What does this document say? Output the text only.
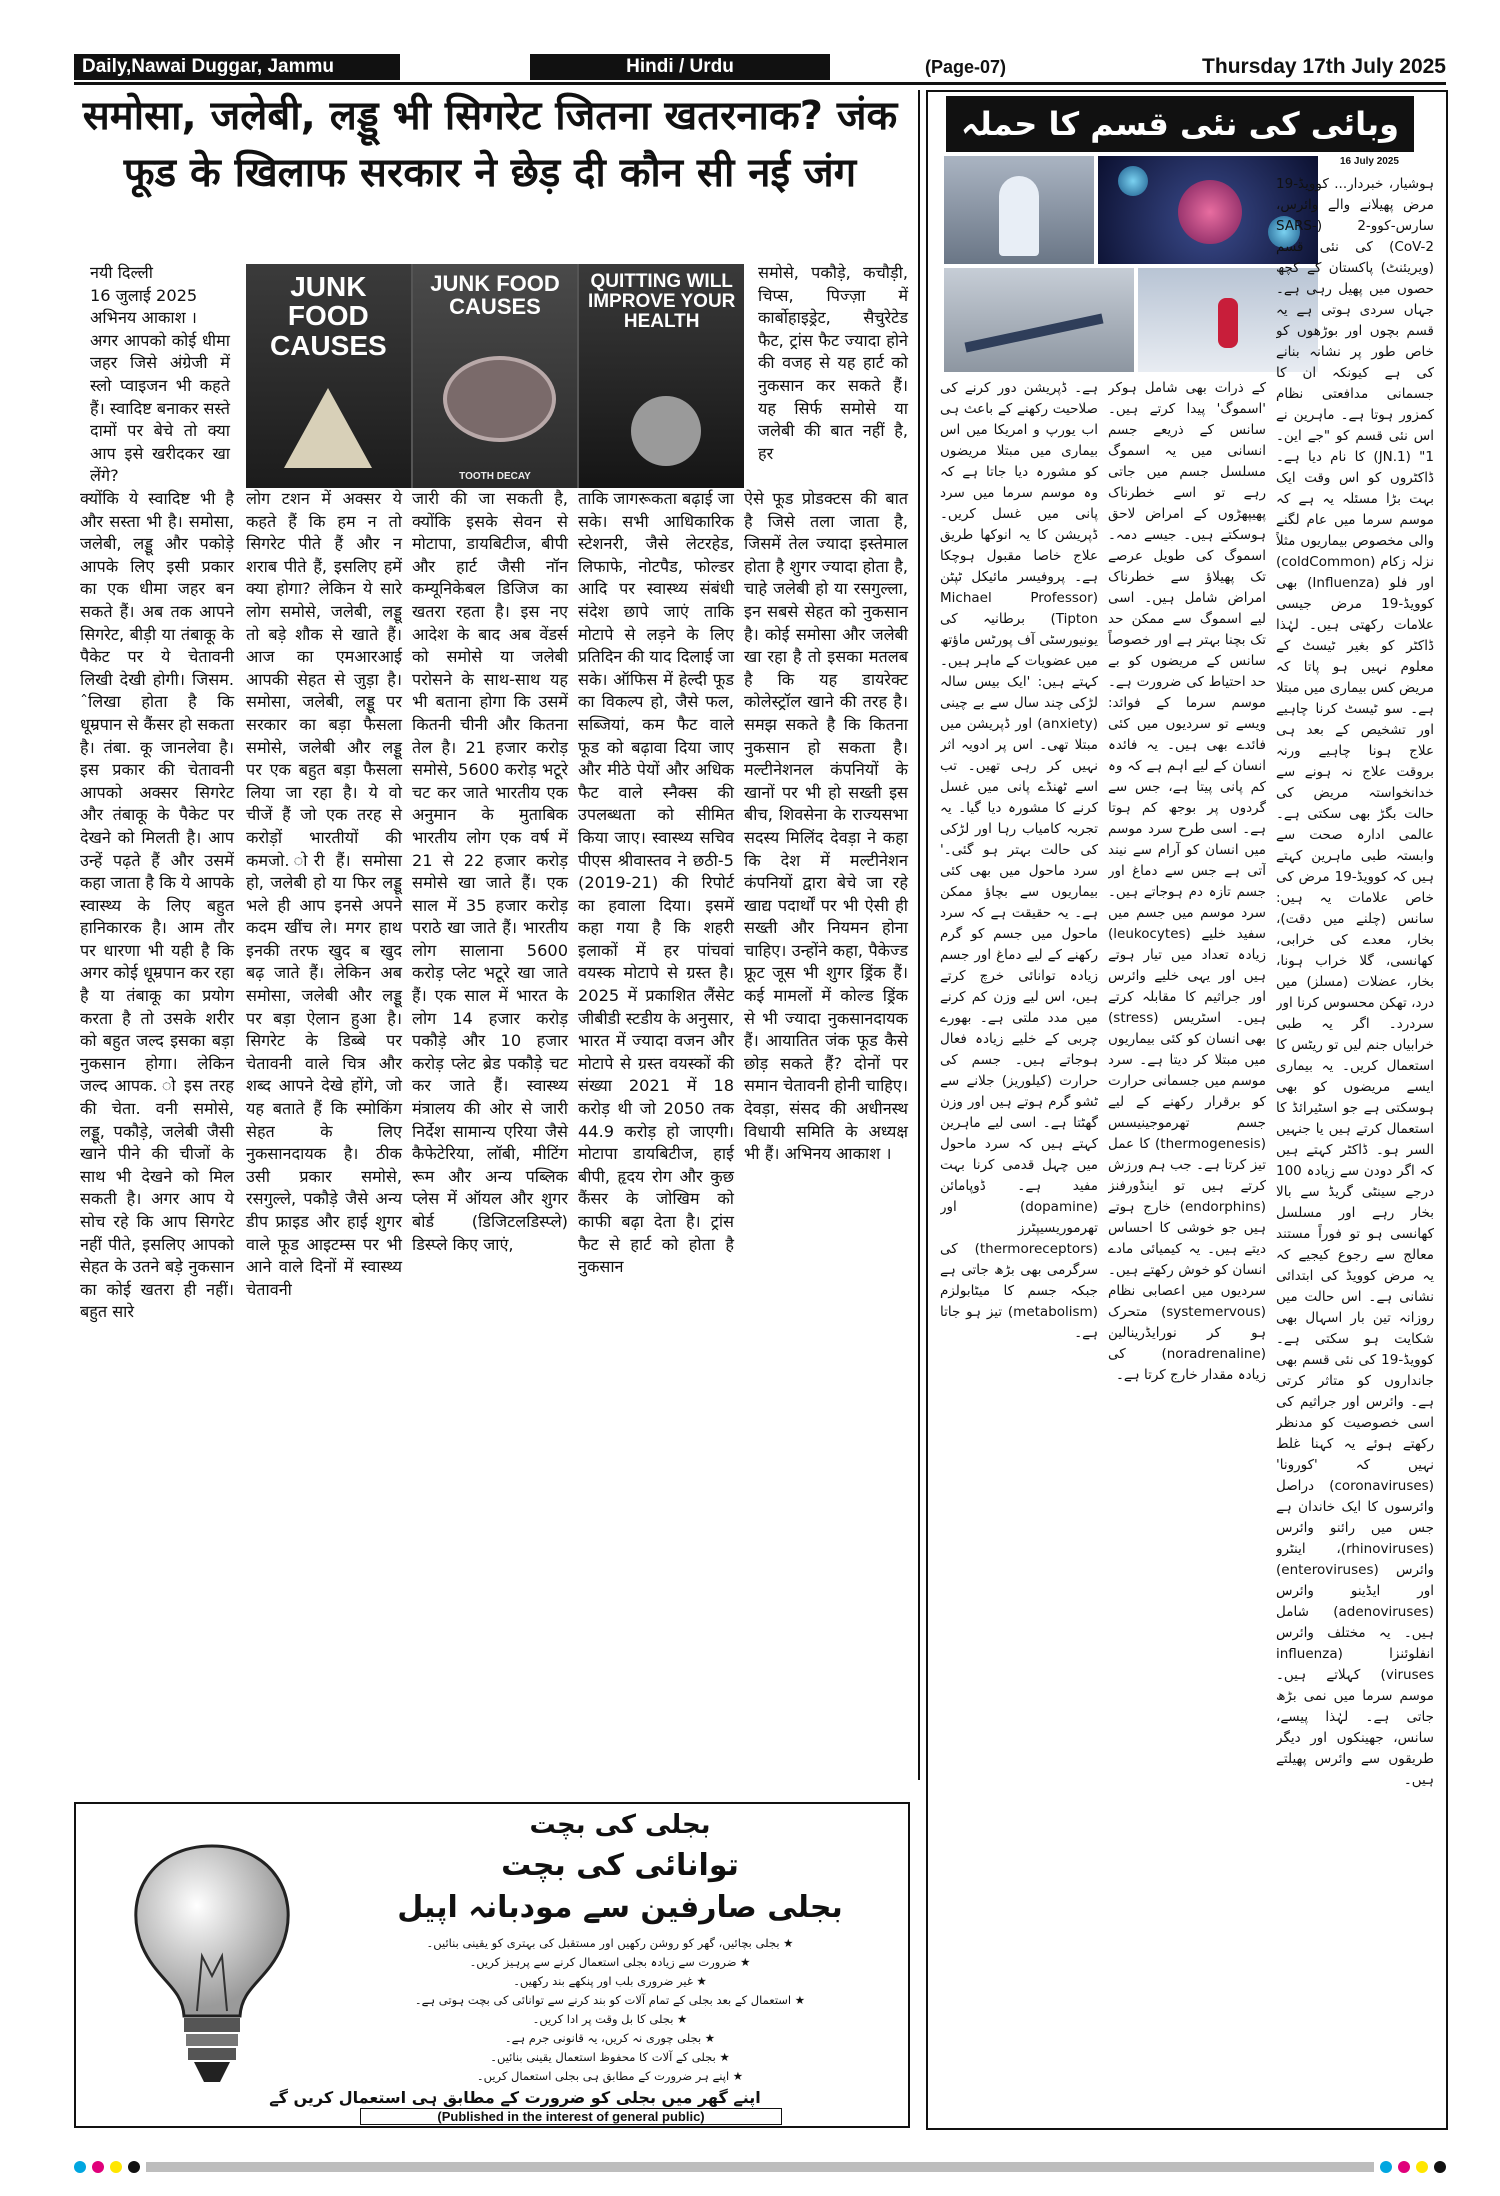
Daily,Nawai Duggar, Jammu	Hindi / Urdu	(Page-07)	Thursday 17th July 2025
समोसा, जलेबी, लड्डू भी सिगरेट जितना खतरनाक? जंक फूड के खिलाफ सरकार ने छेड़ दी कौन सी नई जंग
नयी दिल्ली
16 जुलाई 2025
अभिनय आकाश ।
अगर आपको कोई धीमा जहर जिसे अंग्रेजी में स्लो प्वाइजन भी कहते हैं। स्वादिष्ट बनाकर सस्ते दामों पर बेचे तो क्या आप इसे खरीदकर खा लेंगे?
क्योंकि ये स्वादिष्ट भी है और सस्ता भी है। समोसा, जलेबी, लड्डू और पकोड़े आपके लिए इसी प्रकार का एक धीमा जहर बन सकते हैं। अब तक आपने सिगरेट, बीड़ी या तंबाकू के पैकेट पर ये चेतावनी लिखी देखी होगी। जिसम. ˆलिखा होता है कि धूम्रपान से कैंसर हो सकता है। तंबा. कू जानलेवा है। इस प्रकार की चेतावनी आपको अक्सर सिगरेट और तंबाकू के पैकेट पर देखने को मिलती है। आप उन्हें पढ़ते हैं और उसमें कहा जाता है कि ये आपके स्वास्थ्य के लिए बहुत हानिकारक है। आम तौर पर धारणा भी यही है कि अगर कोई धूम्रपान कर रहा है या तंबाकू का प्रयोग करता है तो उसके शरीर को बहुत जल्द इसका बड़ा नुकसान होगा। लेकिन जल्द आपक. ो इस तरह की चेता. वनी समोसे, लड्डू, पकौड़े, जलेबी जैसी खाने पीने की चीजों के साथ भी देखने को मिल सकती है। अगर आप ये सोच रहे कि आप सिगरेट नहीं पीते, इसलिए आपको सेहत के उतने बड़े नुकसान का कोई खतरा ही नहीं। बहुत सारे
JUNK FOOD CAUSES
JUNK FOOD CAUSES
TOOTH DECAY
QUITTING WILL IMPROVE YOUR HEALTH
लोग टशन में अक्सर ये कहते हैं कि हम न तो सिगरेट पीते हैं और न शराब पीते हैं, इसलिए हमें क्या होगा? लेकिन ये सारे लोग समोसे, जलेबी, लड्डू तो बड़े शौक से खाते हैं। आज का एमआरआई आपकी सेहत से जुड़ा है। समोसा, जलेबी, लड्डू पर सरकार का बड़ा फैसला समोसे, जलेबी और लड्डू पर एक बहुत बड़ा फैसला लिया जा रहा है। ये वो चीजें हैं जो एक तरह से करोड़ों भारतीयों की कमजो. ोरी हैं। समोसा हो, जलेबी हो या फिर लड्डू भले ही आप इनसे अपने कदम खींच ले। मगर हाथ इनकी तरफ खुद ब खुद बढ़ जाते हैं। लेकिन अब समोसा, जलेबी और लड्डू पर बड़ा ऐलान हुआ है। सिगरेट के डिब्बे पर चेतावनी वाले चित्र और शब्द आपने देखे होंगे, जो यह बताते हैं कि स्मोकिंग सेहत के लिए नुकसानदायक है। ठीक उसी प्रकार समोसे, रसगुल्ले, पकौड़े जैसे अन्य डीप फ्राइड और हाई शुगर वाले फूड आइटम्स पर भी आने वाले दिनों में स्वास्थ्य चेतावनी
जारी की जा सकती है, क्योंकि इसके सेवन से मोटापा, डायबिटीज, बीपी और हार्ट जैसी नॉन कम्यूनिकेबल डिजिज का खतरा रहता है। इस नए आदेश के बाद अब वेंडर्स को समोसे या जलेबी परोसने के साथ-साथ यह भी बताना होगा कि उसमें कितनी चीनी और कितना तेल है। 21 हजार करोड़ समोसे, 5600 करोड़ भटूरे चट कर जाते भारतीय एक अनुमान के मुताबिक भारतीय लोग एक वर्ष में 21 से 22 हजार करोड़ समोसे खा जाते हैं। एक साल में 35 हजार करोड़ पराठे खा जाते हैं। भारतीय लोग सालाना 5600 करोड़ प्लेट भटूरे खा जाते हैं। एक साल में भारत के लोग 14 हजार करोड़ पकौड़े और 10 हजार करोड़ प्लेट ब्रेड पकौड़े चट कर जाते हैं। स्वास्थ्य मंत्रालय की ओर से जारी निर्देश सामान्य एरिया जैसे कैफेटेरिया, लॉबी, मीटिंग रूम और अन्य पब्लिक प्लेस में ऑयल और शुगर बोर्ड (डिजिटलडिस्प्ले) डिस्प्ले किए जाएं,
ताकि जागरूकता बढ़ाई जा सके। सभी आधिकारिक स्टेशनरी, जैसे लेटरहेड, लिफाफे, नोटपैड, फोल्डर आदि पर स्वास्थ्य संबंधी संदेश छापे जाएं ताकि मोटापे से लड़ने के लिए प्रतिदिन की याद दिलाई जा सके। ऑफिस में हेल्दी फूड का विकल्प हो, जैसे फल, सब्जियां, कम फैट वाले फूड को बढ़ावा दिया जाए और मीठे पेयों और अधिक फैट वाले स्नैक्स की उपलब्धता को सीमित किया जाए। स्वास्थ्य सचिव पीएस श्रीवास्तव ने छठी-5 (2019-21) की रिपोर्ट का हवाला दिया। इसमें कहा गया है कि शहरी इलाकों में हर पांचवां वयस्क मोटापे से ग्रस्त है। 2025 में प्रकाशित लैंसेट जीबीडी स्टडीय के अनुसार, भारत में ज्यादा वजन और मोटापे से ग्रस्त वयस्कों की संख्या 2021 में 18 करोड़ थी जो 2050 तक 44.9 करोड़ हो जाएगी। मोटापा डायबिटीज, हाई बीपी, हृदय रोग और कुछ कैंसर के जोखिम को काफी बढ़ा देता है। ट्रांस फैट से हार्ट को होता है नुकसान
समोसे, पकौड़े, कचौड़ी, चिप्स, पिज्ज़ा में कार्बोहाइड्रेट, सैचुरेटेड फैट, ट्रांस फैट ज्यादा होने की वजह से यह हार्ट को नुकसान कर सकते हैं। यह सिर्फ समोसे या जलेबी की बात नहीं है, हर
ऐसे फूड प्रोडक्टस की बात है जिसे तला जाता है, जिसमें तेल ज्यादा इस्तेमाल होता है शुगर ज्यादा होता है, चाहे जलेबी हो या रसगुल्ला, इन सबसे सेहत को नुकसान है। कोई समोसा और जलेबी खा रहा है तो इसका मतलब है कि यह डायरेक्ट कोलेस्ट्रॉल खाने की तरह है। समझ सकते है कि कितना नुकसान हो सकता है। मल्टीनेशनल कंपनियों के खानों पर भी हो सख्ती इस बीच, शिवसेना के राज्यसभा सदस्य मिलिंद देवड़ा ने कहा कि देश में मल्टीनेशन कंपनियों द्वारा बेचे जा रहे खाद्य पदार्थों पर भी ऐसी ही सख्ती और नियमन होना चाहिए। उन्होंने कहा, पैकेज्ड फ्रूट जूस भी शुगर ड्रिंक हैं। कई मामलों में कोल्ड ड्रिंक से भी ज्यादा नुकसानदायक हैं। आयातित जंक फूड कैसे छोड़ सकते हैं? दोनों पर समान चेतावनी होनी चाहिए। देवड़ा, संसद की अधीनस्थ विधायी समिति के अध्यक्ष भी हैं। अभिनय आकाश ।
وبائی کی نئی قسم کا حملہ
16 July 2025
ہوشیار، خبردار... کوویڈ-19 مرض پھیلانے والے وائرس، سارس-کوو-2 (SARS-CoV-2) کی نئی قسم (ویریئنٹ) پاکستان کے کچھ حصوں میں پھیل رہی ہے۔ جہاں سردی ہوتی ہے یہ قسم بچوں اور بوڑھوں کو خاص طور پر نشانہ بنانے کی ہے کیونکہ ان کا جسمانی مدافعتی نظام کمزور ہوتا ہے۔ ماہرین نے اس نئی قسم کو "جے این۔1" (JN.1) کا نام دیا ہے۔ ڈاکٹروں کو اس وقت ایک بہت بڑا مسئلہ یہ ہے کہ موسم سرما میں عام لگنے والی مخصوص بیماریوں مثلاً نزلہ زکام (coldCommon) اور فلو (Influenza) بھی کوویڈ-19 مرض جیسی علامات رکھتی ہیں۔ لہٰذا ڈاکٹر کو بغیر ٹیسٹ کے معلوم نہیں ہو پاتا کہ مریض کس بیماری میں مبتلا ہے۔ سو ٹیسٹ کرنا چاہیے اور تشخیص کے بعد ہی علاج ہونا چاہیے ورنہ بروقت علاج نہ ہونے سے خدانخواستہ مریض کی حالت بگڑ بھی سکتی ہے۔ عالمی ادارہ صحت سے وابستہ طبی ماہرین کہتے ہیں کہ کوویڈ-19 مرض کی خاص علامات یہ ہیں: سانس (چلنے میں دقت)، بخار، معدے کی خرابی، کھانسی، گلا خراب ہونا، بخار، عضلات (مسلز) میں درد، تھکن محسوس کرنا اور سردرد۔ اگر یہ طبی خرابیاں جنم لیں تو ریٹس کا استعمال کریں۔ یہ بیماری ایسے مریضوں کو بھی ہوسکتی ہے جو اسٹیرائڈ کا استعمال کرتے ہیں یا جنہیں السر ہو۔ ڈاکٹر کہتے ہیں کہ اگر دودن سے زیادہ 100 درجے سینٹی گریڈ سے بالا بخار رہے اور مسلسل کھانسی ہو تو فوراً مستند معالج سے رجوع کیجیے کہ یہ مرض کوویڈ کی ابتدائی نشانی ہے۔ اس حالت میں روزانہ تین بار اسہال بھی شکایت ہو سکتی ہے۔ کوویڈ-19 کی نئی قسم بھی جانداروں کو متاثر کرتی ہے۔ وائرس اور جراثیم کی اسی خصوصیت کو مدنظر رکھتے ہوئے یہ کہنا غلط نہیں کہ 'کورونا' (coronaviruses) دراصل وائرسوں کا ایک خاندان ہے جس میں رائنو وائرس (rhinoviruses)، اینٹرو وائرس (enteroviruses) اور ایڈینو وائرس (adenoviruses) شامل ہیں۔ یہ مختلف وائرس انفلوئنزا (influenza viruses) کہلاتے ہیں۔ موسم سرما میں نمی بڑھ جاتی ہے۔ لہٰذا پیسے، سانس، جھینکوں اور دیگر طریقوں سے وائرس پھیلتے ہیں۔
کے ذرات بھی شامل ہوکر 'اسموگ' پیدا کرتے ہیں۔ سانس کے ذریعے جسم انسانی میں یہ اسموگ مسلسل جسم میں جاتی رہے تو اسے خطرناک پھیپھڑوں کے امراض لاحق ہوسکتے ہیں۔ جیسے دمہ۔ اسموگ کی طویل عرصے تک پھیلاؤ سے خطرناک امراض شامل ہیں۔ اسی لیے اسموگ سے ممکن حد تک بچنا بہتر ہے اور خصوصاً سانس کے مریضوں کو بے حد احتیاط کی ضرورت ہے۔ موسم سرما کے فوائد: ویسے تو سردیوں میں کئی فائدے بھی ہیں۔ یہ فائدہ انسان کے لیے اہم ہے کہ وہ کم پانی پیتا ہے، جس سے گردوں پر بوجھ کم ہوتا ہے۔ اسی طرح سرد موسم میں انسان کو آرام سے نیند آتی ہے جس سے دماغ اور جسم تازہ دم ہوجاتے ہیں۔ سرد موسم میں جسم میں سفید خلیے (leukocytes) زیادہ تعداد میں تیار ہوتے ہیں اور یہی خلیے وائرس اور جراثیم کا مقابلہ کرتے ہیں۔ اسٹریس (stress) بھی انسان کو کئی بیماریوں میں مبتلا کر دیتا ہے۔ سرد موسم میں جسمانی حرارت کو برقرار رکھنے کے لیے جسم تھرموجینیسس (thermogenesis) کا عمل تیز کرتا ہے۔ جب ہم ورزش کرتے ہیں تو اینڈورفنز (endorphins) خارج ہوتے ہیں جو خوشی کا احساس دیتے ہیں۔ یہ کیمیائی مادے انسان کو خوش رکھتے ہیں۔ سردیوں میں اعصابی نظام (systemervous) متحرک ہو کر نورایڈرینالین (noradrenaline) کی زیادہ مقدار خارج کرتا ہے۔
ہے۔ ڈپریشن دور کرنے کی صلاحیت رکھنے کے باعث ہی اب یورپ و امریکا میں اس بیماری میں مبتلا مریضوں کو مشورہ دیا جاتا ہے کہ وہ موسم سرما میں سرد پانی میں غسل کریں۔ ڈپریشن کا یہ انوکھا طریق علاج خاصا مقبول ہوچکا ہے۔ پروفیسر مائیکل ٹپٹن (Michael Professor Tipton) برطانیہ کی یونیورسٹی آف پورٹس ماؤتھ میں عضویات کے ماہر ہیں۔ کہتے ہیں: 'ایک بیس سالہ لڑکی چند سال سے بے چینی (anxiety) اور ڈپریشن میں مبتلا تھی۔ اس پر ادویہ اثر نہیں کر رہی تھیں۔ تب اسے ٹھنڈے پانی میں غسل کرنے کا مشورہ دیا گیا۔ یہ تجربہ کامیاب رہا اور لڑکی کی حالت بہتر ہو گئی۔' سرد ماحول میں بھی کئی بیماریوں سے بچاؤ ممکن ہے۔ یہ حقیقت ہے کہ سرد ماحول میں جسم کو گرم رکھنے کے لیے دماغ اور جسم زیادہ توانائی خرچ کرتے ہیں، اس لیے وزن کم کرنے میں مدد ملتی ہے۔ بھورے چربی کے خلیے زیادہ فعال ہوجاتے ہیں۔ جسم کی حرارت (کیلوریز) جلانے سے ٹشو گرم ہوتے ہیں اور وزن گھٹتا ہے۔ اسی لیے ماہرین کہتے ہیں کہ سرد ماحول میں چہل قدمی کرنا بہت مفید ہے۔ ڈوپامائن (dopamine) اور تھرموریسیپٹرز (thermoreceptors) کی سرگرمی بھی بڑھ جاتی ہے جبکہ جسم کا میٹابولزم (metabolism) تیز ہو جاتا ہے۔
بجلی کی بچت
توانائی کی بچت
بجلی صارفین سے مودبانہ اپیل
★ بجلی بچائیں، گھر کو روشن رکھیں اور مستقبل کی بہتری کو یقینی بنائیں۔
★ ضرورت سے زیادہ بجلی استعمال کرنے سے پرہیز کریں۔
★ غیر ضروری بلب اور پنکھے بند رکھیں۔
★ استعمال کے بعد بجلی کے تمام آلات کو بند کرنے سے توانائی کی بچت ہوتی ہے۔
★ بجلی کا بل وقت پر ادا کریں۔
★ بجلی چوری نہ کریں، یہ قانونی جرم ہے۔
★ بجلی کے آلات کا محفوظ استعمال یقینی بنائیں۔
★ اپنے ہر ضرورت کے مطابق ہی بجلی استعمال کریں۔
اپنے گھر میں بجلی کو ضرورت کے مطابق ہی استعمال کریں گے
(Published in the interest of general public)
